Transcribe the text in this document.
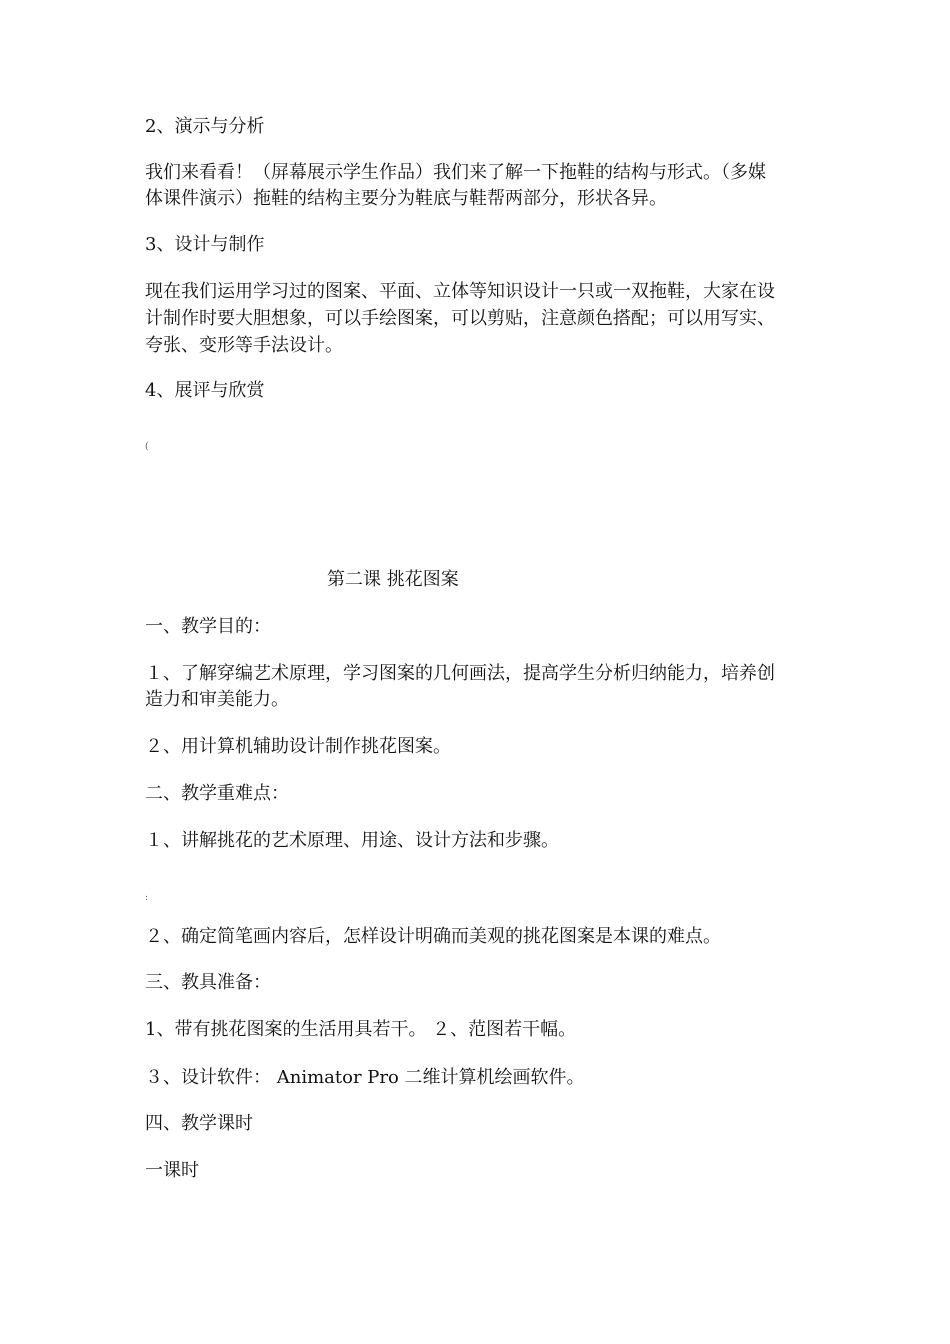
2、演示与分析
我们来看看！（屏幕展示学生作品）我们来了解一下拖鞋的结构与形式。（多媒
体课件演示）拖鞋的结构主要分为鞋底与鞋帮两部分，形状各异。
3、设计与制作
现在我们运用学习过的图案、平面、立体等知识设计一只或一双拖鞋，大家在设
计制作时要大胆想象，可以手绘图案，可以剪贴，注意颜色搭配；可以用写实、
夸张、变形等手法设计。
4、展评与欣赏
(
第二课 挑花图案
一、教学目的：
１、了解穿编艺术原理，学习图案的几何画法，提高学生分析归纳能力，培养创
造力和审美能力。
２、用计算机辅助设计制作挑花图案。
二、教学重难点：
１、讲解挑花的艺术原理、用途、设计方法和步骤。
:
２、确定简笔画内容后，怎样设计明确而美观的挑花图案是本课的难点。
三、教具准备：
1、带有挑花图案的生活用具若干。 ２、范图若干幅。
３、设计软件： Animator Pro 二维计算机绘画软件。
四、教学课时
一课时
